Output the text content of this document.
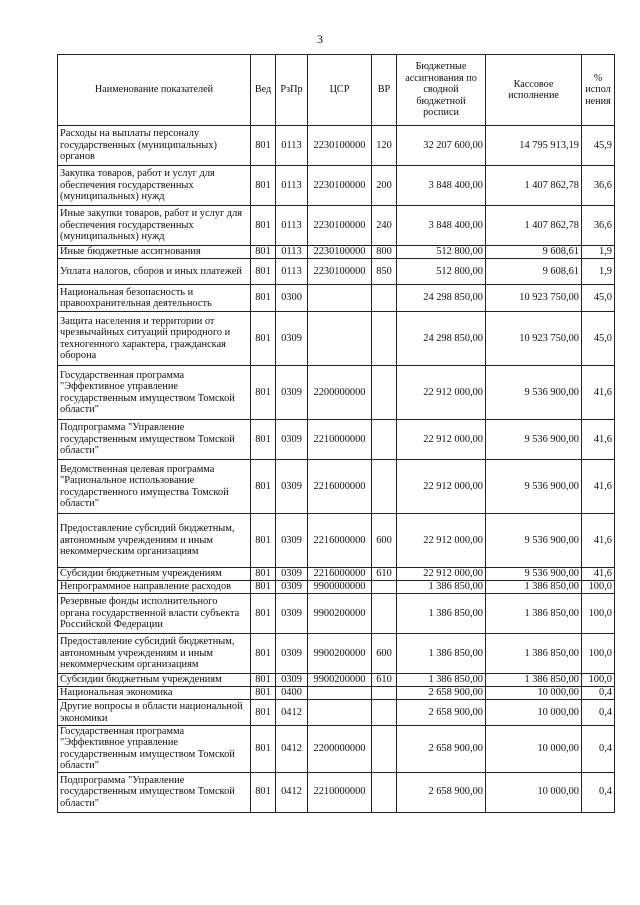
3
Наименование показателей	Вед	РзПр	ЦСР	ВР	Бюджетные ассигнования по сводной бюджетной росписи	Кассовое исполнение	% испол нения
Расходы на выплаты персоналу государственных (муниципальных) органов	801	0113	2230100000	120	32 207 600,00	14 795 913,19	45,9
Закупка товаров, работ и услуг для обеспечения государственных (муниципальных) нужд	801	0113	2230100000	200	3 848 400,00	1 407 862,78	36,6
Иные закупки товаров, работ и услуг для обеспечения государственных (муниципальных) нужд	801	0113	2230100000	240	3 848 400,00	1 407 862,78	36,6
Иные бюджетные ассигнования	801	0113	2230100000	800	512 800,00	9 608,61	1,9
Уплата налогов, сборов и иных платежей	801	0113	2230100000	850	512 800,00	9 608,61	1,9
Национальная безопасность и правоохранительная деятельность	801	0300			24 298 850,00	10 923 750,00	45,0
Защита населения и территории от чрезвычайных ситуаций природного и техногенного характера, гражданская оборона	801	0309			24 298 850,00	10 923 750,00	45,0
Государственная программа "Эффективное управление государственным имуществом Томской области"	801	0309	2200000000		22 912 000,00	9 536 900,00	41,6
Подпрограмма "Управление государственным имуществом Томской области"	801	0309	2210000000		22 912 000,00	9 536 900,00	41,6
Ведомственная целевая программа "Рациональное использование государственного имущества Томской области"	801	0309	2216000000		22 912 000,00	9 536 900,00	41,6
Предоставление субсидий бюджетным, автономным учреждениям и иным некоммерческим организациям	801	0309	2216000000	600	22 912 000,00	9 536 900,00	41,6
Субсидии бюджетным учреждениям	801	0309	2216000000	610	22 912 000,00	9 536 900,00	41,6
Непрограммное направление расходов	801	0309	9900000000		1 386 850,00	1 386 850,00	100,0
Резервные фонды исполнительного органа государственной власти субъекта Российской Федерации	801	0309	9900200000		1 386 850,00	1 386 850,00	100,0
Предоставление субсидий бюджетным, автономным учреждениям и иным некоммерческим организациям	801	0309	9900200000	600	1 386 850,00	1 386 850,00	100,0
Субсидии бюджетным учреждениям	801	0309	9900200000	610	1 386 850,00	1 386 850,00	100,0
Национальная экономика	801	0400			2 658 900,00	10 000,00	0,4
Другие вопросы в области национальной экономики	801	0412			2 658 900,00	10 000,00	0,4
Государственная программа "Эффективное управление государственным имуществом Томской области"	801	0412	2200000000		2 658 900,00	10 000,00	0,4
Подпрограмма "Управление государственным имуществом Томской области"	801	0412	2210000000		2 658 900,00	10 000,00	0,4
